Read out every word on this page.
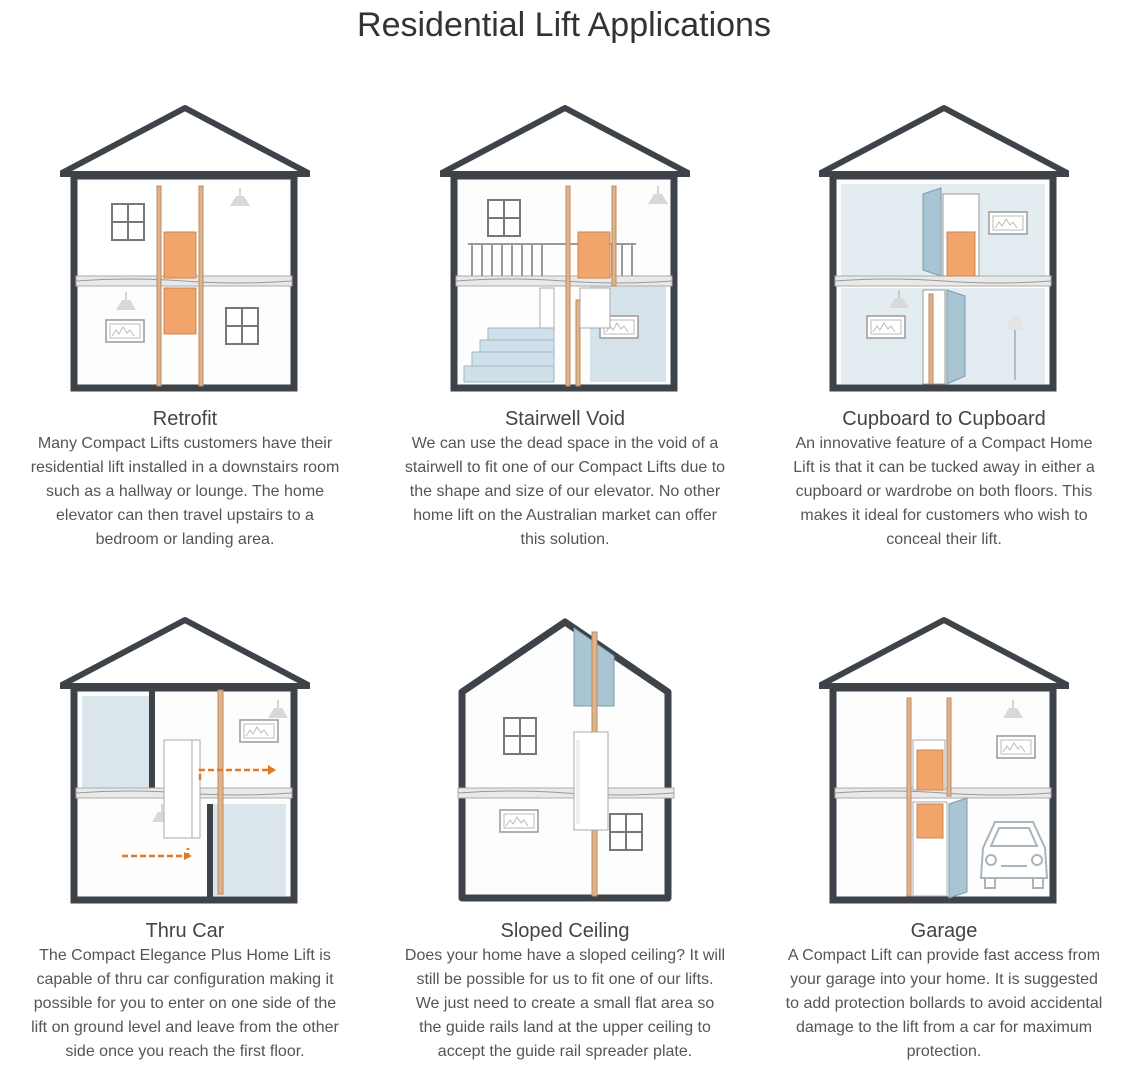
Residential Lift Applications

Retrofit

Many Compact Lifts customers have their
residential lift installed in a downstairs room
such as a hallway or lounge. The home
elevator can then travel upstairs to a
bedroom or landing area.

Stairwell Void

We can use the dead space in the void of a
stairwell to fit one of our Compact Lifts due to
the shape and size of our elevator. No other
home lift on the Australian market can offer
this solution.

Cupboard to Cupboard

An innovative feature of a Compact Home
Lift is that it can be tucked away in either a
cupboard or wardrobe on both floors. This
makes it ideal for customers who wish to
conceal their lift.

Thru Car

The Compact Elegance Plus Home Lift is
capable of thru car configuration making it
possible for you to enter on one side of the
lift on ground level and leave from the other
side once you reach the first floor.

Sloped Ceiling

Does your home have a sloped ceiling? It will
still be possible for us to fit one of our lifts.
We just need to create a small flat area so
the guide rails land at the upper ceiling to
accept the guide rail spreader plate.

Garage

A Compact Lift can provide fast access from
your garage into your home. It is suggested
to add protection bollards to avoid accidental
damage to the lift from a car for maximum
protection.
